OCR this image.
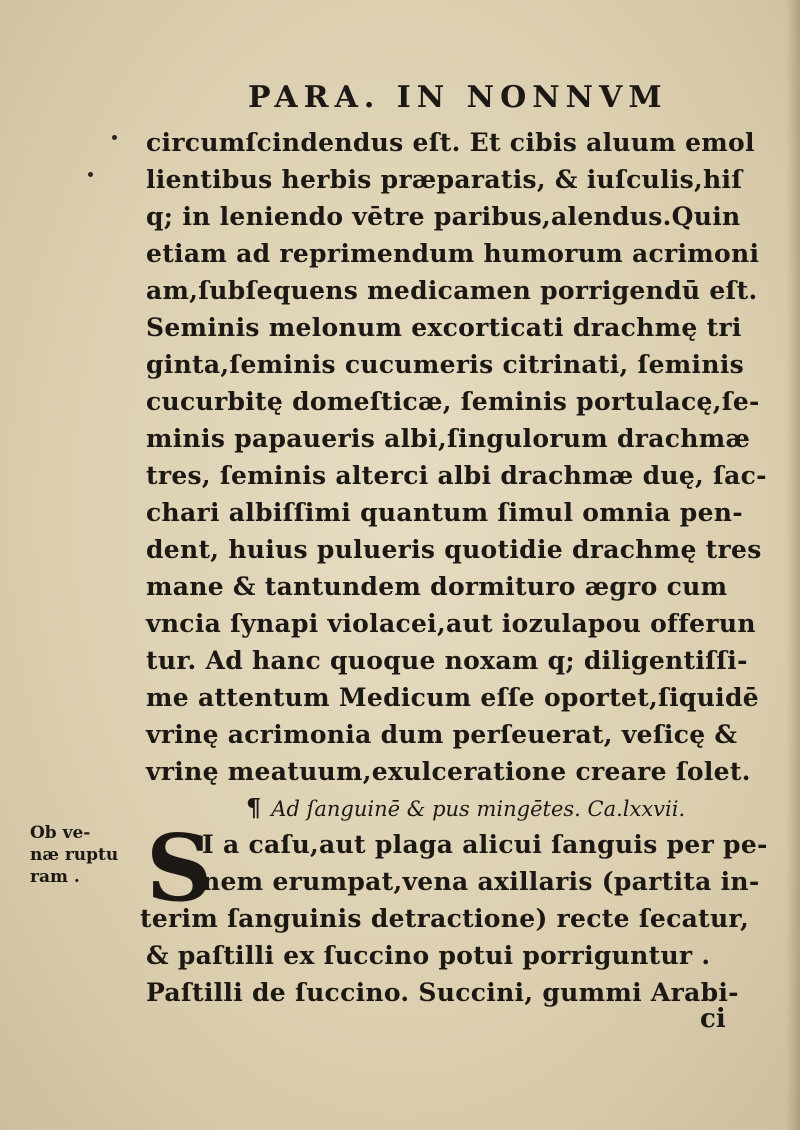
PARA. IN NONNVM
circumſcindendus eſt. Et cibis aluum emol
lientibus herbis præparatis, & iuſculis,hiſ
q; in leniendo vētre paribus,alendus.Quin
etiam ad reprimendum humorum acrimoni
am,ſubſequens medicamen porrigendū eſt.
Seminis melonum excorticati drachmę tri
ginta,ſeminis cucumeris citrinati, ſeminis
cucurbitę domeſticæ, ſeminis portulacę,ſe-
minis papaueris albi,ſingulorum drachmæ
tres, ſeminis alterci albi drachmæ duę, ſac-
chari albiſſimi quantum ſimul omnia pen-
dent, huius pulueris quotidie drachmę tres
mane & tantundem dormituro ægro cum
vncia ſynapi violacei,aut iozulapou offerun
tur. Ad hanc quoque noxam q; diligentiſſi-
me attentum Medicum eſſe oportet,ſiquidē
vrinę acrimonia dum perſeuerat, veſicę &
vrinę meatuum,exulceratione creare ſolet.
¶ Ad ſanguinē & pus mingētes. Ca.lxxvii.
S
I a caſu,aut plaga alicui ſanguis per pe-
nem erumpat,vena axillaris (partita in-
terim ſanguinis detractione) recte ſecatur,
& paſtilli ex ſuccino potui porriguntur .
Paſtilli de ſuccino. Succini, gummi Arabi-
Ob ve-
næ ruptu
ram .
ci
